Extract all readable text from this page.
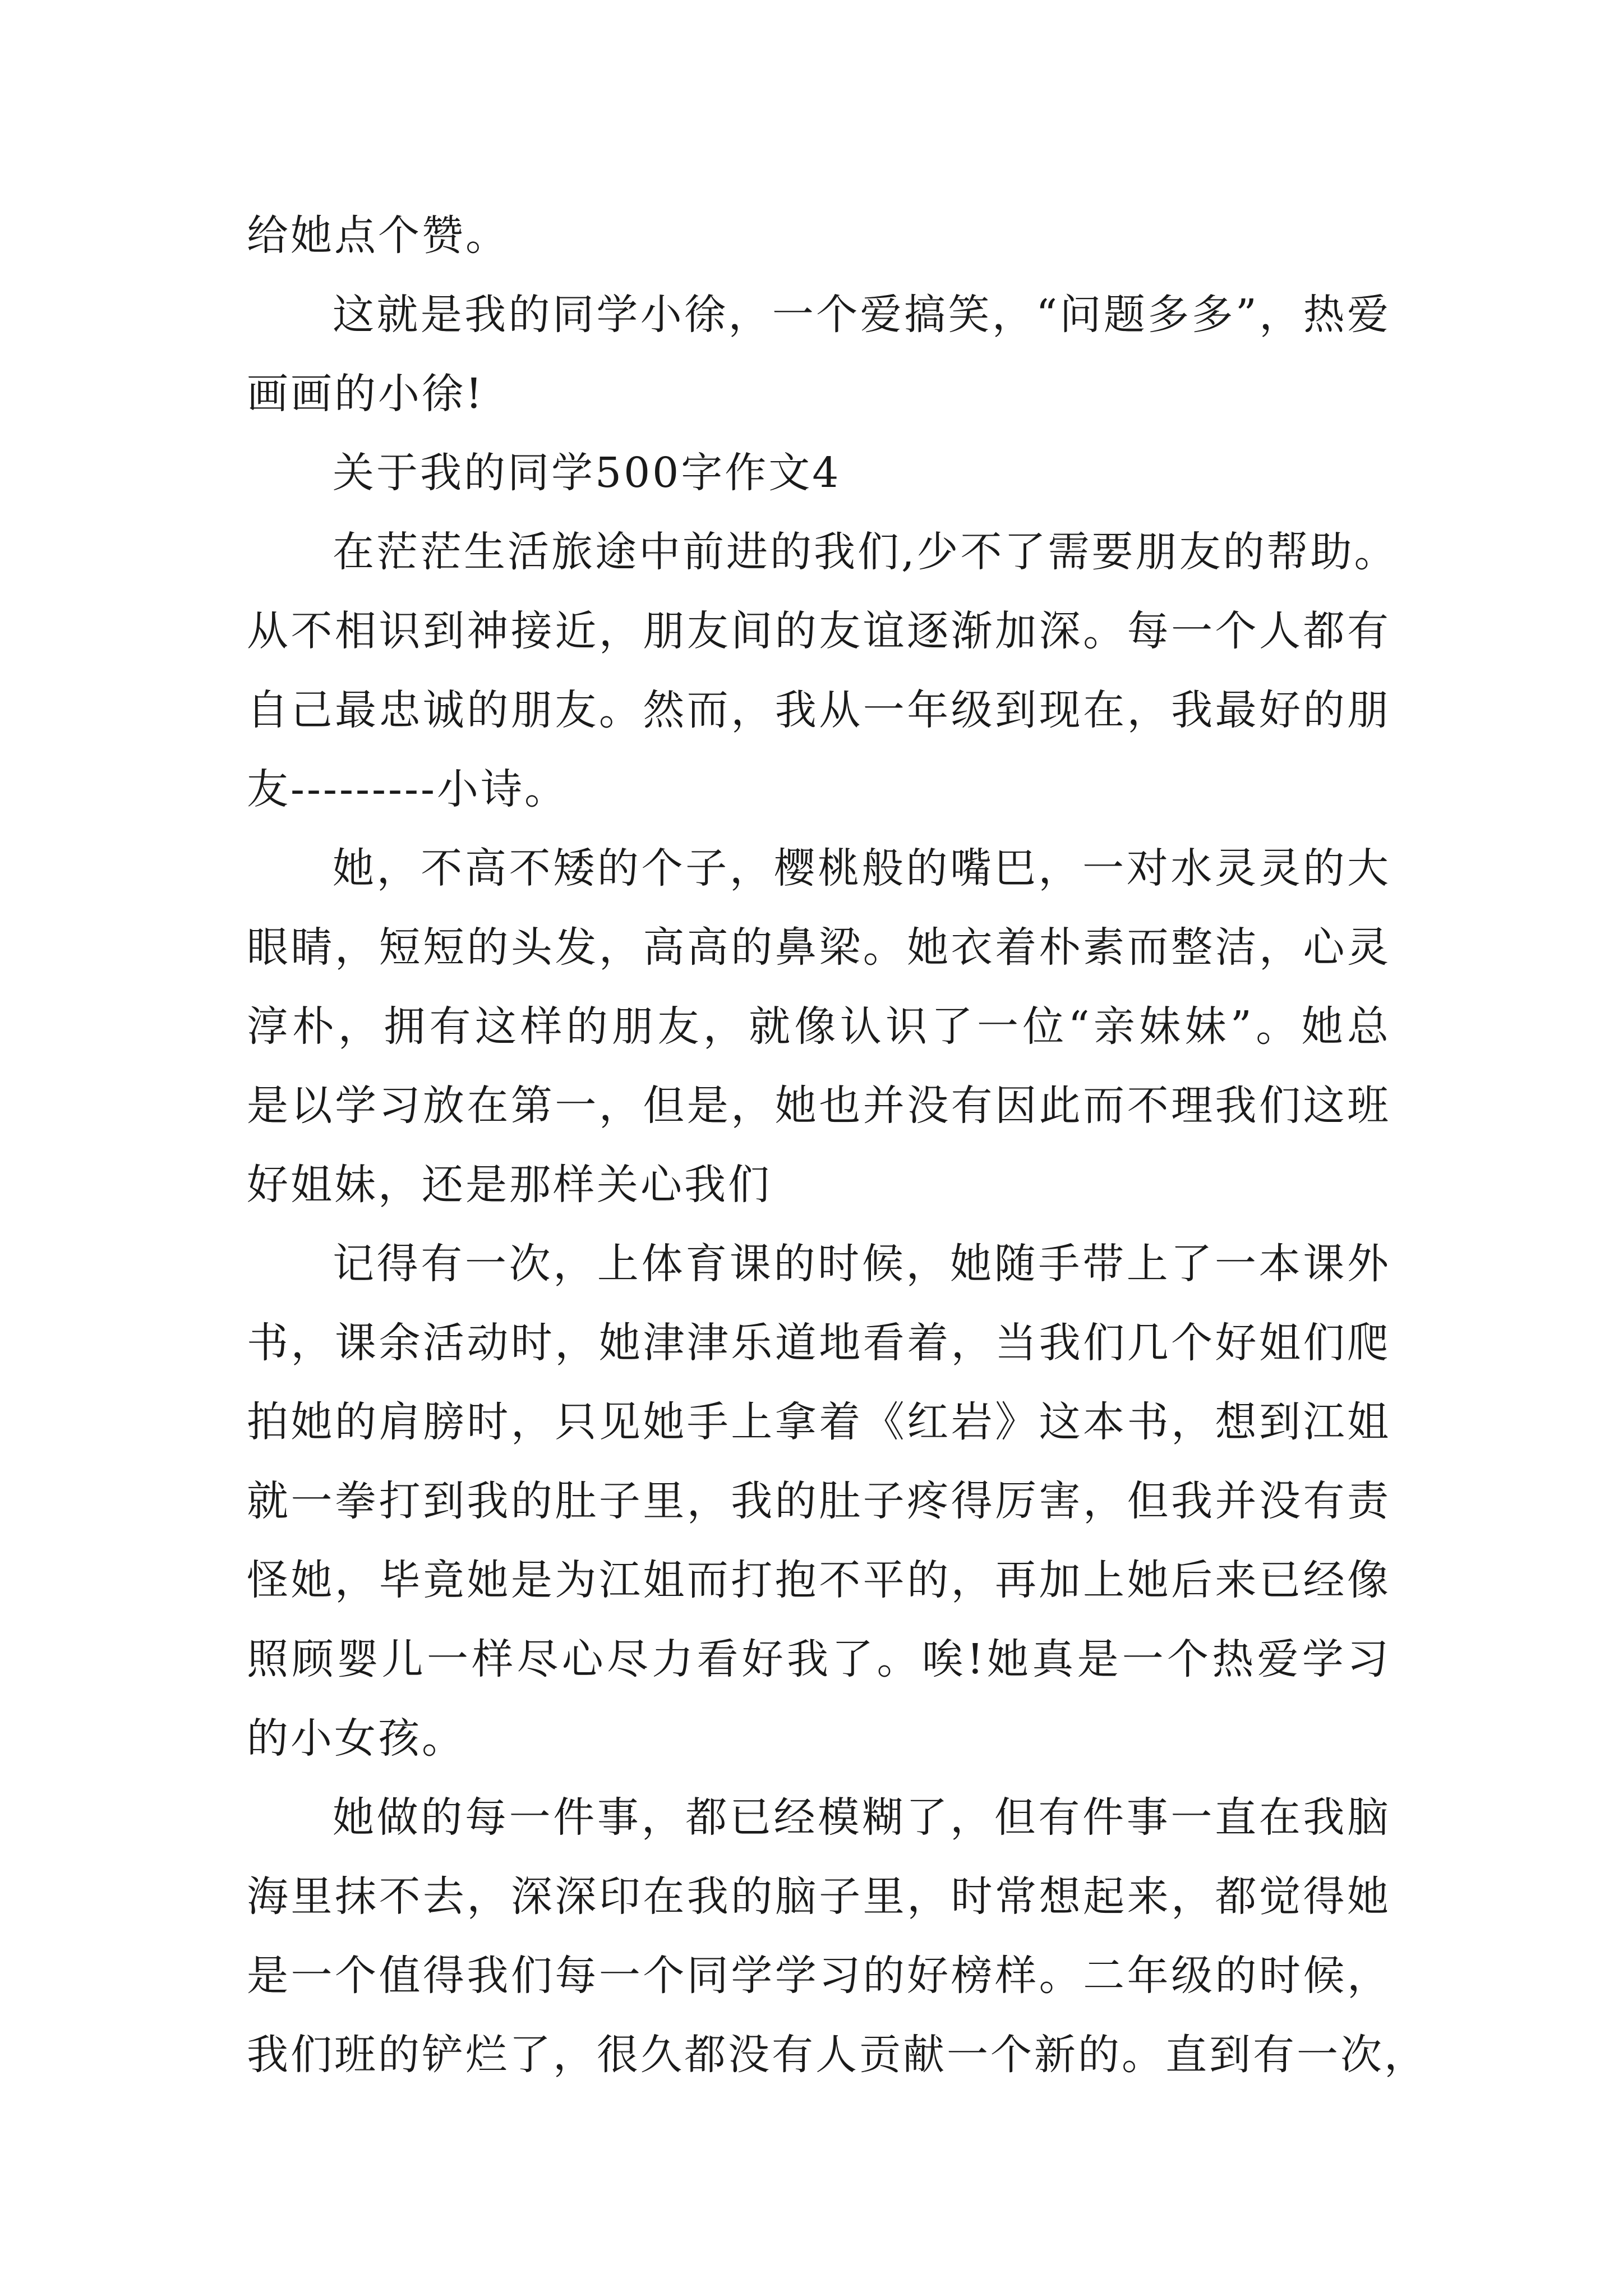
给她点个赞。
这就是我的同学小徐，一个爱搞笑，“问题多多”，热爱
画画的小徐!
关于我的同学500字作文4
在茫茫生活旅途中前进的我们,少不了需要朋友的帮助。
从不相识到神接近，朋友间的友谊逐渐加深。每一个人都有
自己最忠诚的朋友。然而，我从一年级到现在，我最好的朋
友---------小诗。
她，不高不矮的个子，樱桃般的嘴巴，一对水灵灵的大
眼睛，短短的头发，高高的鼻梁。她衣着朴素而整洁，心灵
淳朴，拥有这样的朋友，就像认识了一位“亲妹妹”。她总
是以学习放在第一，但是，她也并没有因此而不理我们这班
好姐妹，还是那样关心我们
记得有一次，上体育课的时候，她随手带上了一本课外
书，课余活动时，她津津乐道地看着，当我们几个好姐们爬
拍她的肩膀时，只见她手上拿着《红岩》这本书，想到江姐
就一拳打到我的肚子里，我的肚子疼得厉害，但我并没有责
怪她，毕竟她是为江姐而打抱不平的，再加上她后来已经像
照顾婴儿一样尽心尽力看好我了。唉!她真是一个热爱学习
的小女孩。
她做的每一件事，都已经模糊了，但有件事一直在我脑
海里抹不去，深深印在我的脑子里，时常想起来，都觉得她
是一个值得我们每一个同学学习的好榜样。二年级的时候，
我们班的铲烂了，很久都没有人贡献一个新的。直到有一次，
